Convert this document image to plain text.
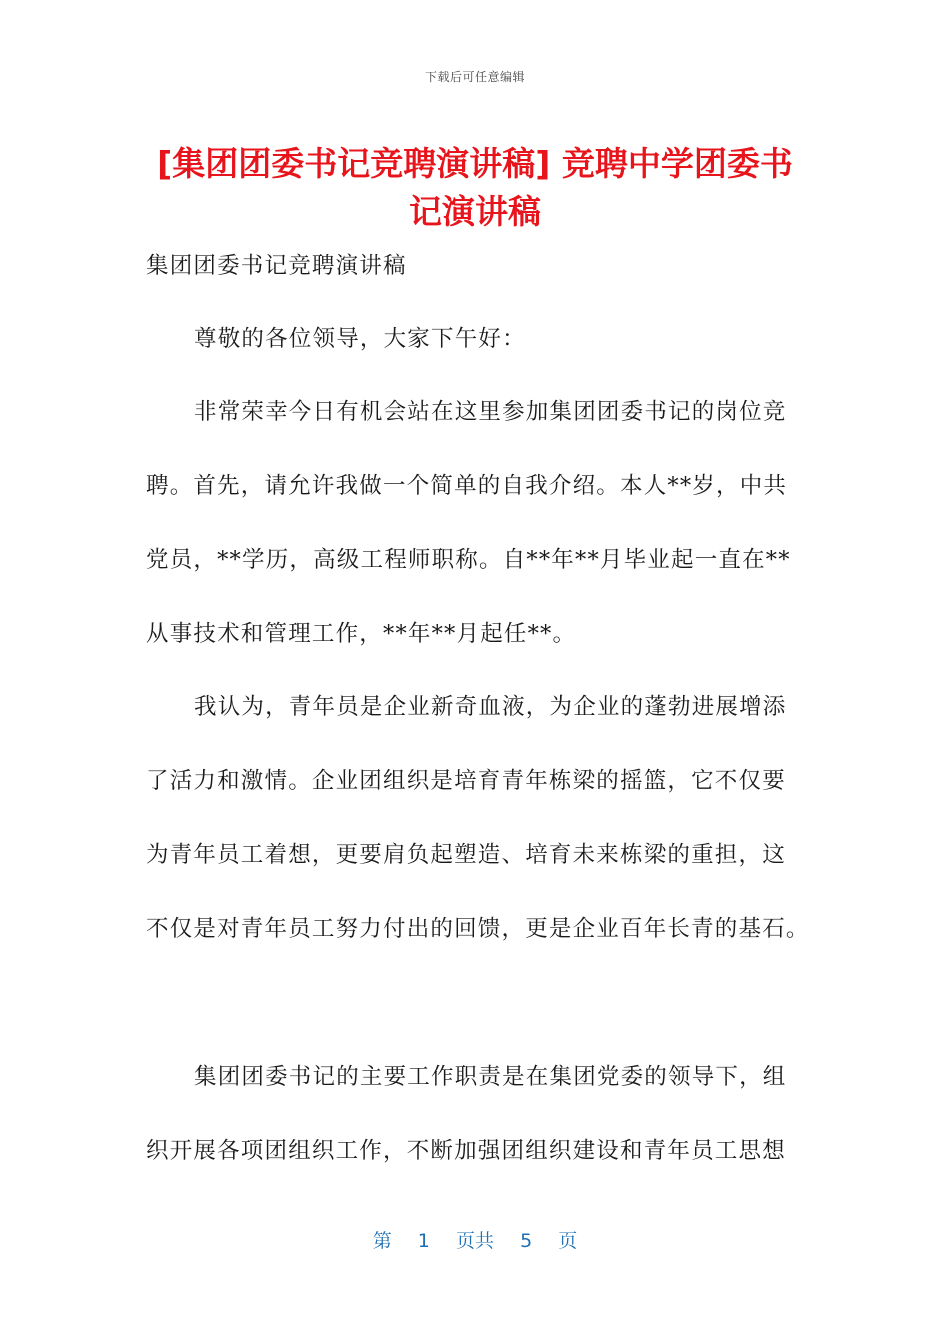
下载后可任意编辑
[集团团委书记竞聘演讲稿] 竞聘中学团委书
记演讲稿
集团团委书记竞聘演讲稿
尊敬的各位领导，大家下午好：
非常荣幸今日有机会站在这里参加集团团委书记的岗位竞
聘。首先，请允许我做一个简单的自我介绍。本人**岁，中共
党员，**学历，高级工程师职称。自**年**月毕业起一直在**
从事技术和管理工作，**年**月起任**。
我认为，青年员是企业新奇血液，为企业的蓬勃进展增添
了活力和激情。企业团组织是培育青年栋梁的摇篮，它不仅要
为青年员工着想，更要肩负起塑造、培育未来栋梁的重担，这
不仅是对青年员工努力付出的回馈，更是企业百年长青的基石。
集团团委书记的主要工作职责是在集团党委的领导下，组
织开展各项团组织工作，不断加强团组织建设和青年员工思想
第 1 页共 5 页
